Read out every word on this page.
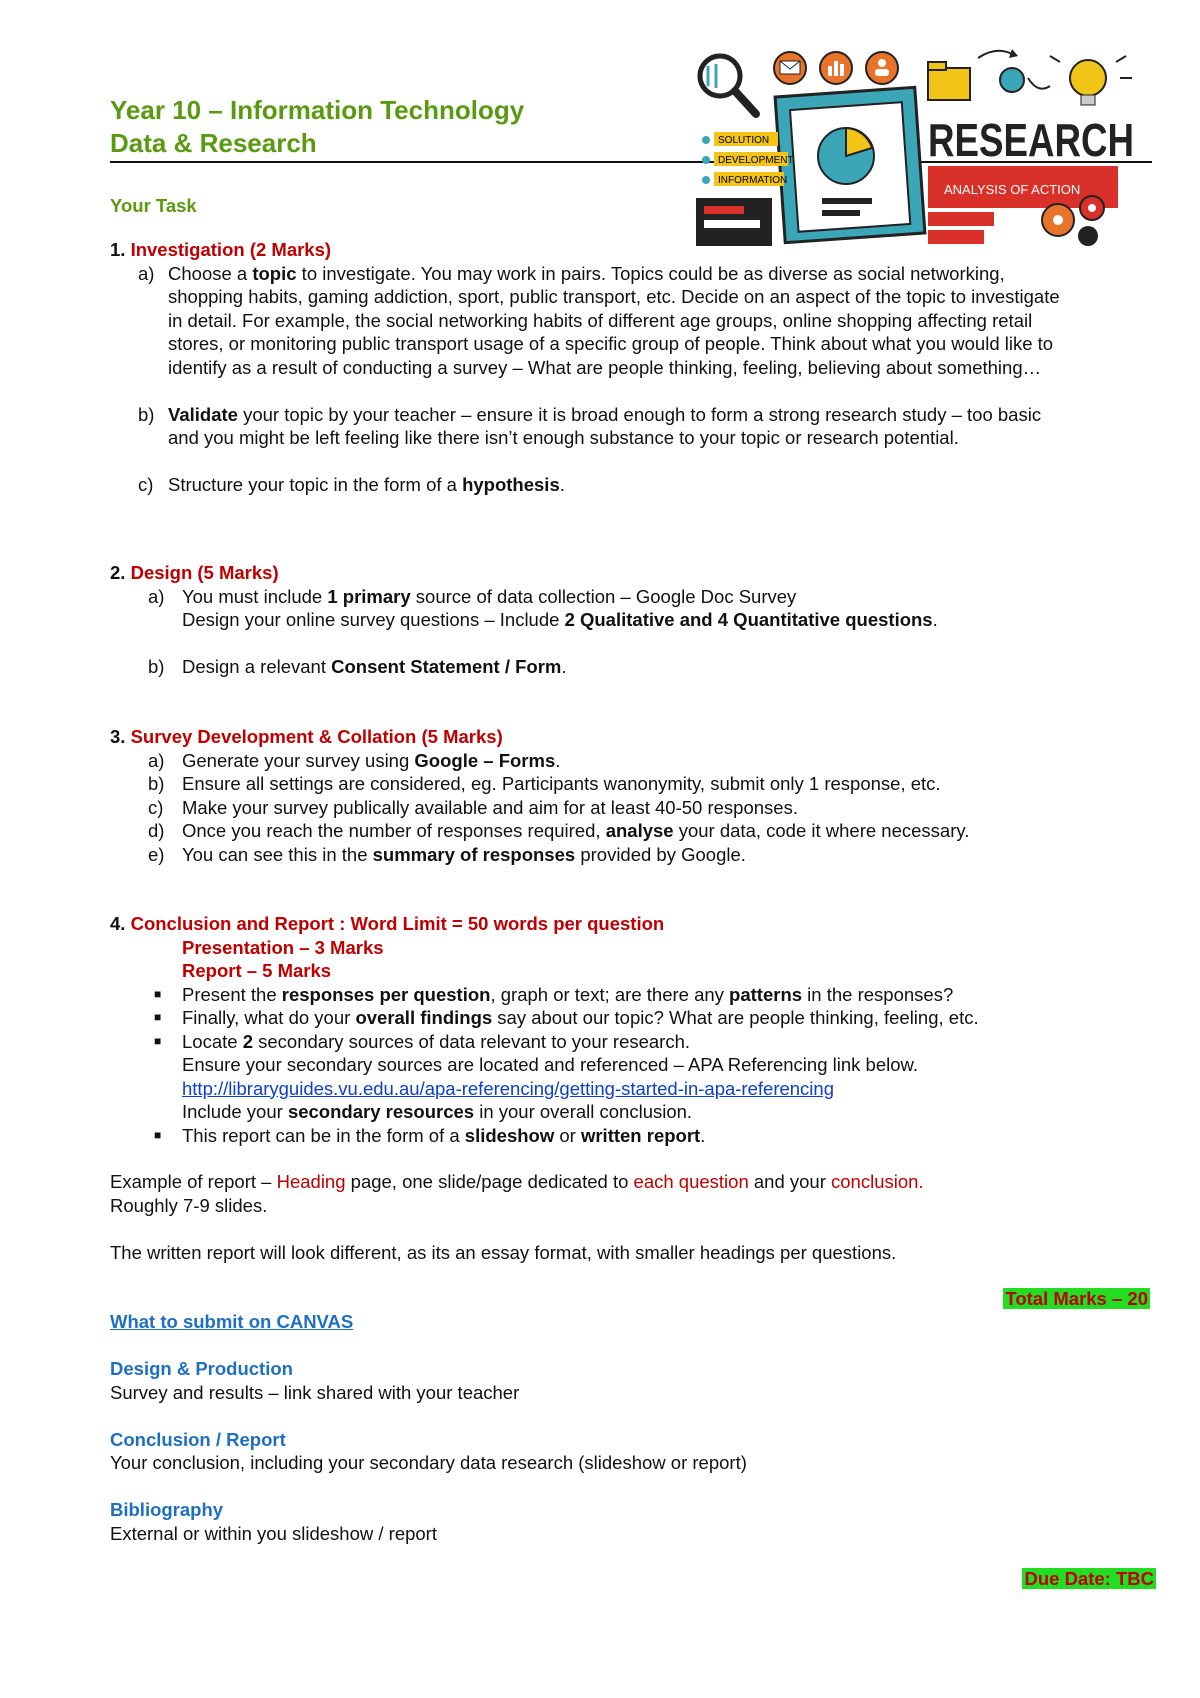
Year 10 – Information Technology
Data & Research	SOLUTION
DEVELOPMENT
INFORMATION
RESEARCH
ANALYSIS OF ACTION
Your Task
1. Investigation (2 Marks)
a) Choose a topic to investigate. You may work in pairs. Topics could be as diverse as social networking,
shopping habits, gaming addiction, sport, public transport, etc. Decide on an aspect of the topic to investigate
in detail. For example, the social networking habits of different age groups, online shopping affecting retail
stores, or monitoring public transport usage of a specific group of people. Think about what you would like to
identify as a result of conducting a survey – What are people thinking, feeling, believing about something…
b) Validate your topic by your teacher – ensure it is broad enough to form a strong research study – too basic
and you might be left feeling like there isn’t enough substance to your topic or research potential.
c) Structure your topic in the form of a hypothesis.
2. Design (5 Marks)
a) You must include 1 primary source of data collection – Google Doc Survey
Design your online survey questions – Include 2 Qualitative and 4 Quantitative questions.
b) Design a relevant Consent Statement / Form.
3. Survey Development & Collation (5 Marks)
a) Generate your survey using Google – Forms.
b) Ensure all settings are considered, eg. Participants wanonymity, submit only 1 response, etc.
c) Make your survey publically available and aim for at least 40-50 responses.
d) Once you reach the number of responses required, analyse your data, code it where necessary.
e) You can see this in the summary of responses provided by Google.
4. Conclusion and Report : Word Limit = 50 words per question
Presentation – 3 Marks
Report – 5 Marks
■ Present the responses per question, graph or text; are there any patterns in the responses?
■ Finally, what do your overall findings say about our topic? What are people thinking, feeling, etc.
■ Locate 2 secondary sources of data relevant to your research.
Ensure your secondary sources are located and referenced – APA Referencing link below.
http://libraryguides.vu.edu.au/apa-referencing/getting-started-in-apa-referencing
Include your secondary resources in your overall conclusion.
■ This report can be in the form of a slideshow or written report.
Example of report – Heading page, one slide/page dedicated to each question and your conclusion.
Roughly 7-9 slides.
The written report will look different, as its an essay format, with smaller headings per questions.
Total Marks – 20
What to submit on CANVAS
Design & Production
Survey and results – link shared with your teacher
Conclusion / Report
Your conclusion, including your secondary data research (slideshow or report)
Bibliography
External or within you slideshow / report
Due Date: TBC
